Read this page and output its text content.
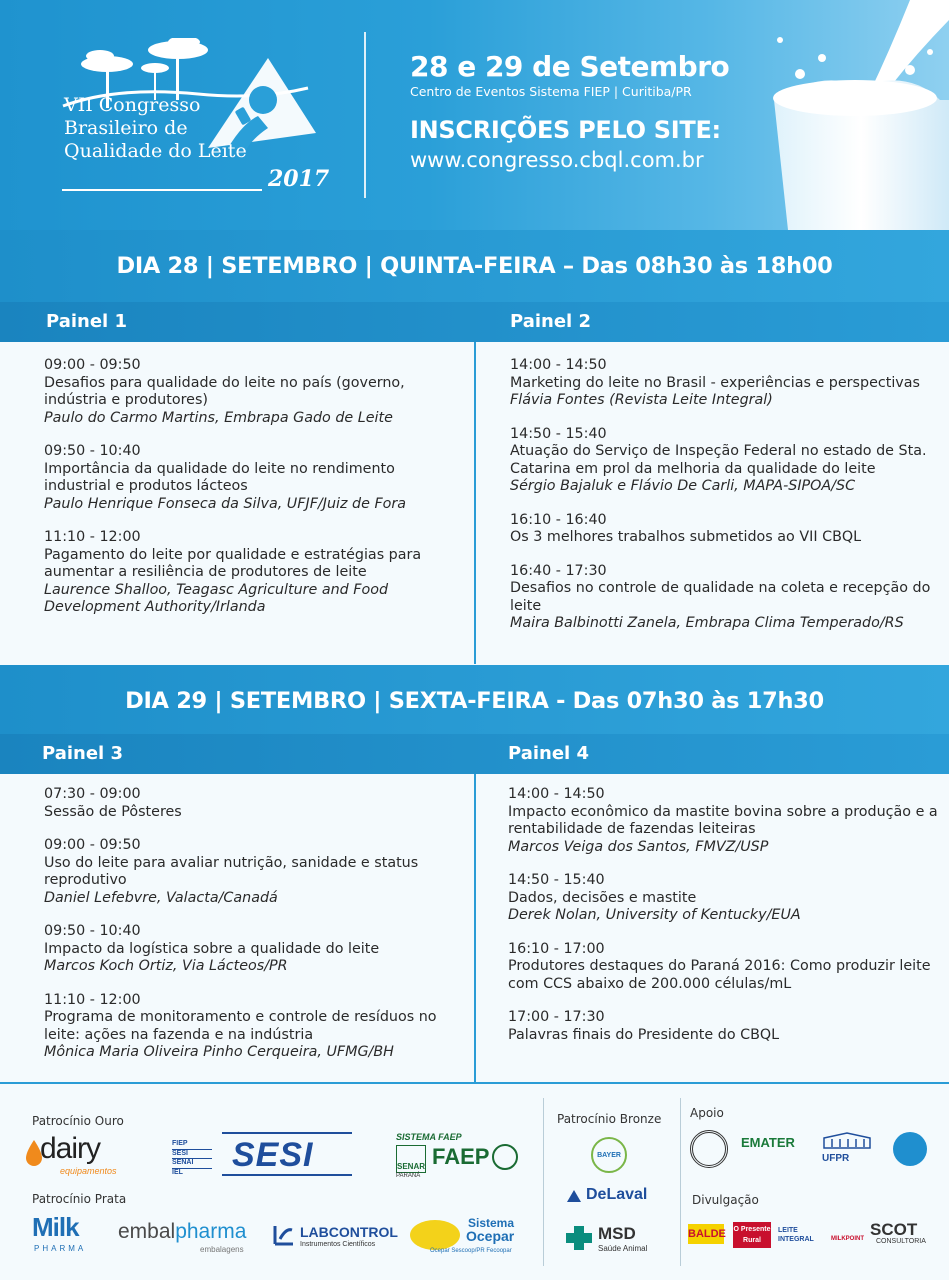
VII Congresso
Brasileiro de
Qualidade do Leite
2017
28 e 29 de Setembro
Centro de Eventos Sistema FIEP | Curitiba/PR
INSCRIÇÕES PELO SITE:
www.congresso.cbql.com.br
DIA 28 | SETEMBRO | QUINTA-FEIRA – Das 08h30 às 18h00
Painel 1	Painel 2
09:00 - 09:50
Desafios para qualidade do leite no país (governo, indústria e produtores)
Paulo do Carmo Martins, Embrapa Gado de Leite
09:50 - 10:40
Importância da qualidade do leite no rendimento industrial e produtos lácteos
Paulo Henrique Fonseca da Silva, UFJF/Juiz de Fora
11:10 - 12:00
Pagamento do leite por qualidade e estratégias para aumentar a resiliência de produtores de leite
Laurence Shalloo, Teagasc Agriculture and Food Development Authority/Irlanda
14:00 - 14:50
Marketing do leite no Brasil - experiências e perspectivas
Flávia Fontes (Revista Leite Integral)
14:50 - 15:40
Atuação do Serviço de Inspeção Federal no estado de Sta. Catarina em prol da melhoria da qualidade do leite
Sérgio Bajaluk e Flávio De Carli, MAPA-SIPOA/SC
16:10 - 16:40
Os 3 melhores trabalhos submetidos ao VII CBQL
16:40 - 17:30
Desafios no controle de qualidade na coleta e recepção do leite
Maira Balbinotti Zanela, Embrapa Clima Temperado/RS
DIA 29 | SETEMBRO | SEXTA-FEIRA - Das 07h30 às 17h30
Painel 3	Painel 4
07:30 - 09:00
Sessão de Pôsteres
09:00 - 09:50
Uso do leite para avaliar nutrição, sanidade e status reprodutivo
Daniel Lefebvre, Valacta/Canadá
09:50 - 10:40
Impacto da logística sobre a qualidade do leite
Marcos Koch Ortiz, Via Lácteos/PR
11:10 - 12:00
Programa de monitoramento e controle de resíduos no leite: ações na fazenda e na indústria
Mônica Maria Oliveira Pinho Cerqueira, UFMG/BH
14:00 - 14:50
Impacto econômico da mastite bovina sobre a produção e a rentabilidade de fazendas leiteiras
Marcos Veiga dos Santos, FMVZ/USP
14:50 - 15:40
Dados, decisões e mastite
Derek Nolan, University of Kentucky/EUA
16:10 - 17:00
Produtores destaques do Paraná 2016: Como produzir leite com CCS abaixo de 200.000 células/mL
17:00 - 17:30
Palavras finais do Presidente do CBQL
Patrocínio Ouro
Patrocínio Prata
Patrocínio Bronze Apoio
Divulgação
dairy
equipamentos
FIEP
SESI
SENAI
IEL	SESI	SISTEMA FAEP
SENAR FAEP
PARANÁ
Milk
PHARMA
embalpharma
embalagens
LABCONTROL
Instrumentos Científicos
Sistema
Ocepar
Ocepar Sescoop/PR Fecoopar
BAYER
DeLaval
MSD
Saúde Animal
EMATER
UFPR
BALDE O Presente
Rural
LEITE INTEGRAL	MILKPOINT SCOT
CONSULTORIA
